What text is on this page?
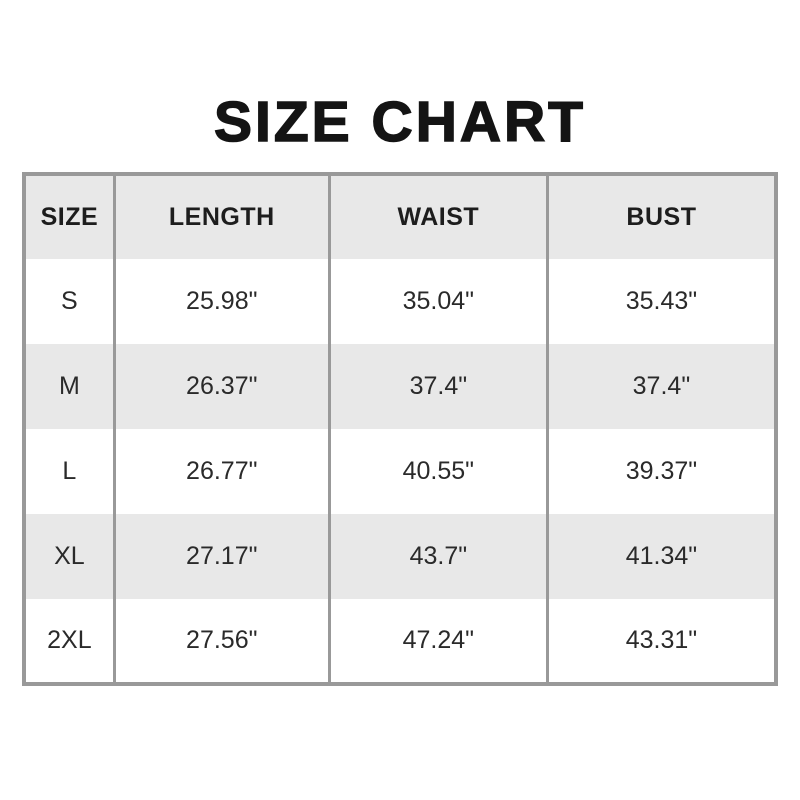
SIZE CHART
SIZE	LENGTH	WAIST	BUST
S	25.98"	35.04"	35.43"
M	26.37"	37.4"	37.4"
L	26.77"	40.55"	39.37"
XL	27.17"	43.7"	41.34"
2XL	27.56"	47.24"	43.31"
